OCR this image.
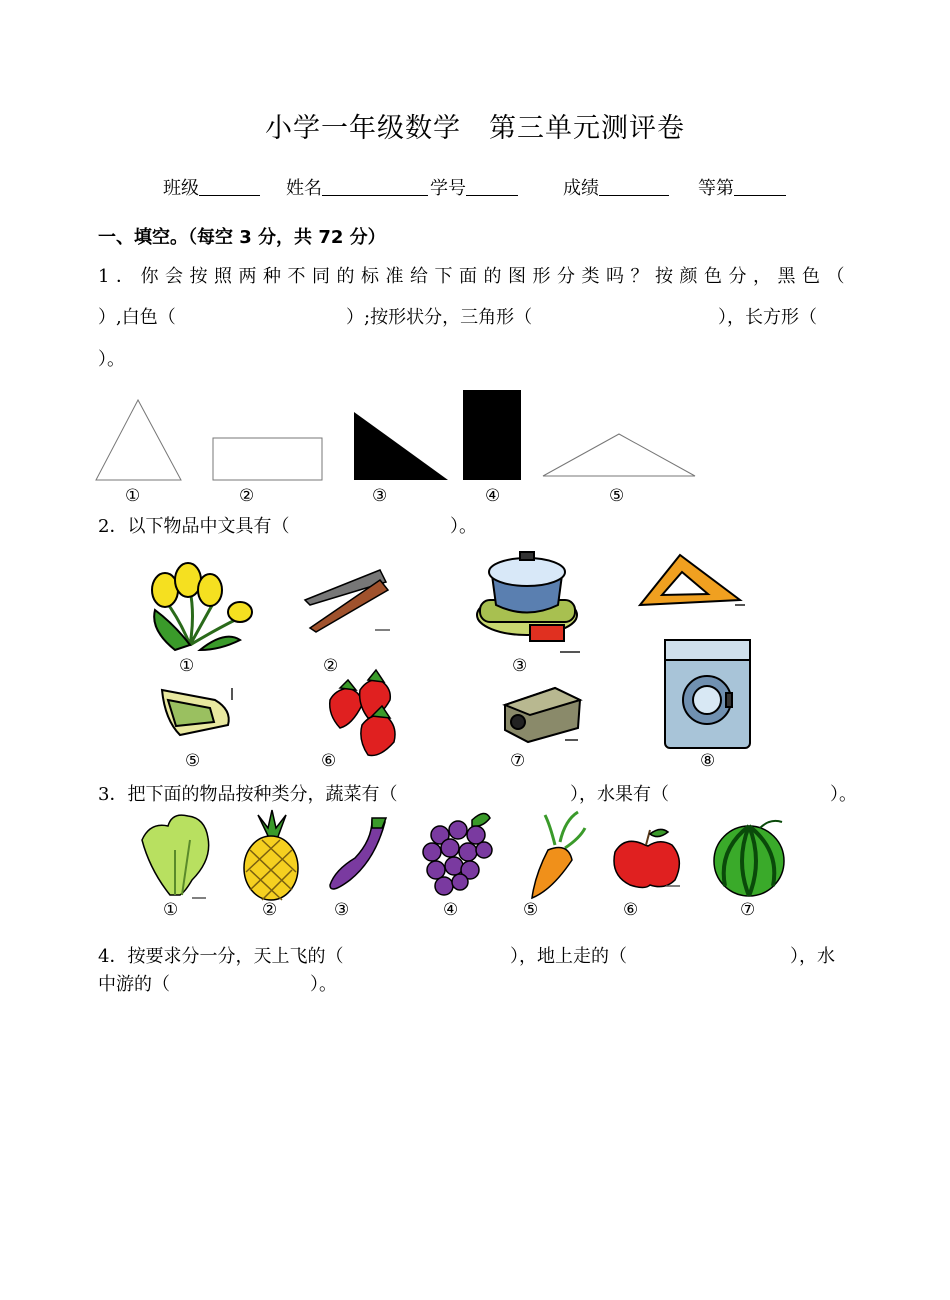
小学一年级数学　第三单元测评卷
班级	姓名	学号	成绩	等第
一、填空。（每空 3 分，共 72 分）
1．你会按照两种不同的标准给下面的图形分类吗？按颜色分，黑色（
）,白色（	）;按形状分，三角形（	），长方形（
）。
①	②	③	④	⑤
2．以下物品中文具有（	）。
①	②	③
⑤	⑥	⑦	⑧
3．把下面的物品按种类分，蔬菜有（	），水果有（	）。
①	②	③	④	⑤	⑥	⑦
4．按要求分一分，天上飞的（	），地上走的（	），水
中游的（	）。
